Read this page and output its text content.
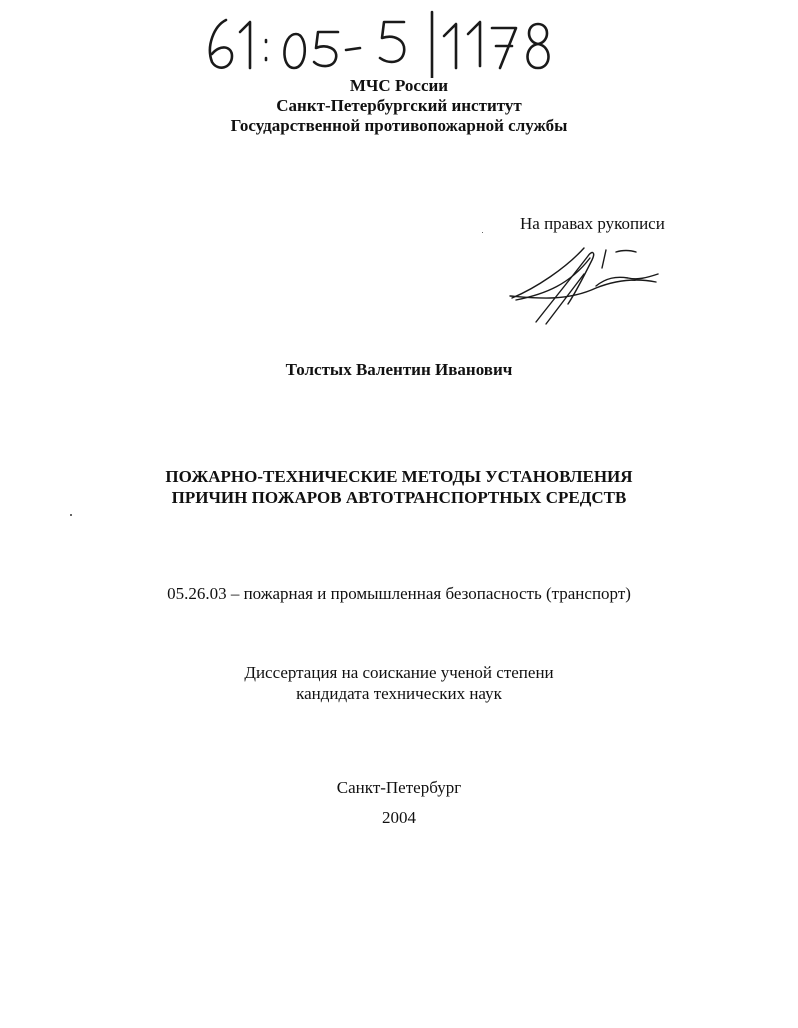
МЧС России
Санкт-Петербургский институт
Государственной противопожарной службы
На правах рукописи
Толстых Валентин Иванович
ПОЖАРНО-ТЕХНИЧЕСКИЕ МЕТОДЫ УСТАНОВЛЕНИЯ
ПРИЧИН ПОЖАРОВ АВТОТРАНСПОРТНЫХ СРЕДСТВ
05.26.03 – пожарная и промышленная безопасность (транспорт)
Диссертация на соискание ученой степени
кандидата технических наук
Санкт-Петербург
2004
